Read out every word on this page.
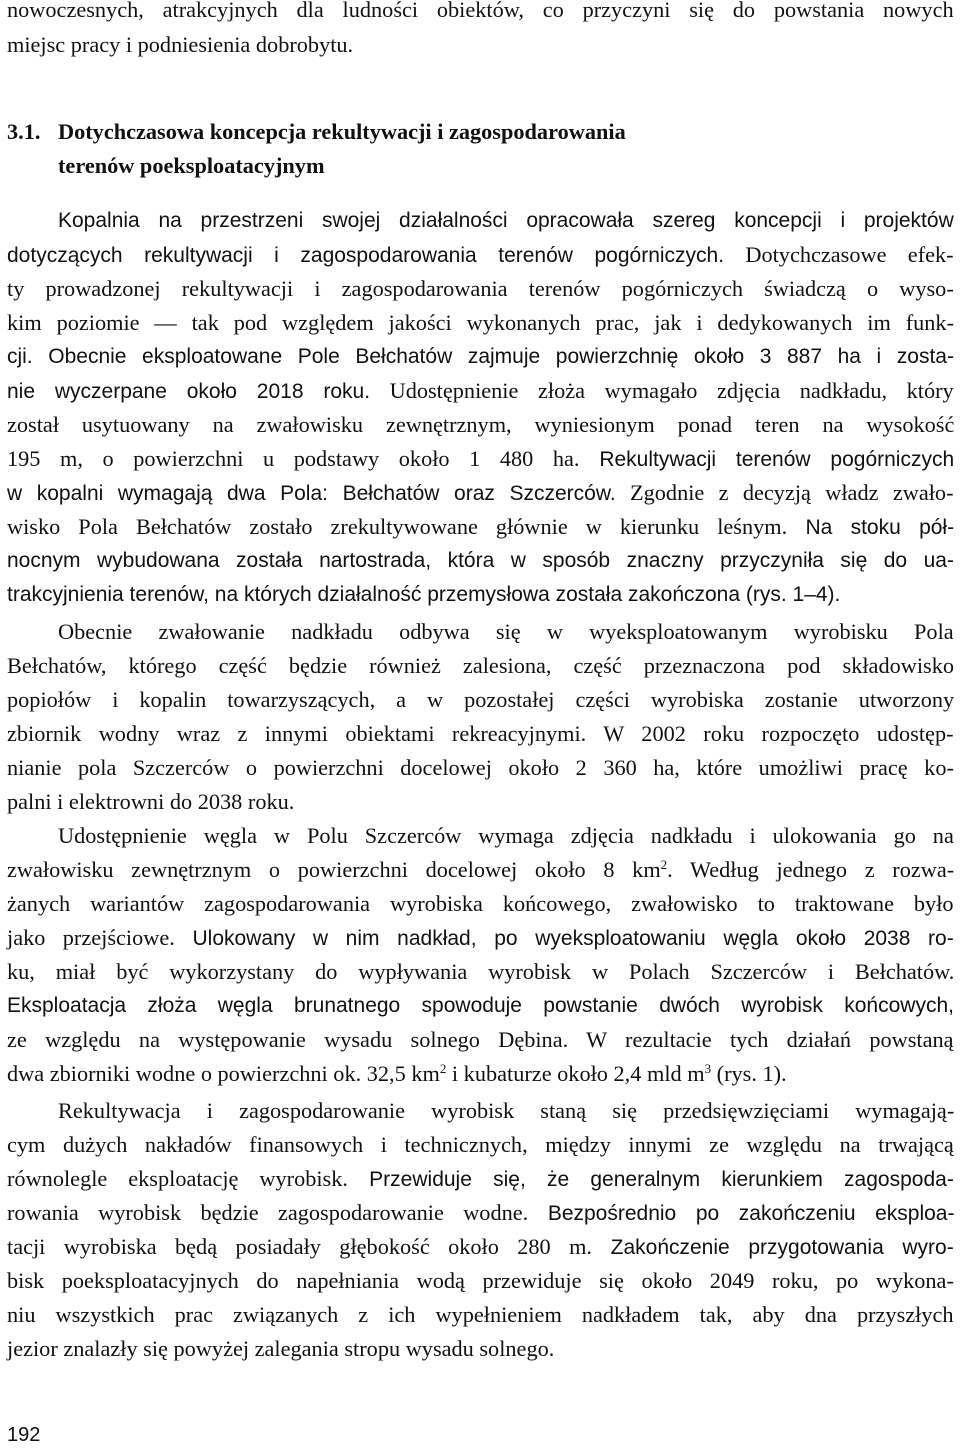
nowoczesnych, atrakcyjnych dla ludności obiektów, co przyczyni się do powstania nowych
miejsc pracy i podniesienia dobrobytu.
3.1. Dotychczasowa koncepcja rekultywacji i zagospodarowania
terenów poeksploatacyjnym
Kopalnia na przestrzeni swojej działalności opracowała szereg koncepcji i projektów
dotyczących rekultywacji i zagospodarowania terenów pogórniczych. Dotychczasowe efek-
ty prowadzonej rekultywacji i zagospodarowania terenów pogórniczych świadczą o wyso-
kim poziomie — tak pod względem jakości wykonanych prac, jak i dedykowanych im funk-
cji. Obecnie eksploatowane Pole Bełchatów zajmuje powierzchnię około 3 887 ha i zosta-
nie wyczerpane około 2018 roku. Udostępnienie złoża wymagało zdjęcia nadkładu, który
został usytuowany na zwałowisku zewnętrznym, wyniesionym ponad teren na wysokość
195 m, o powierzchni u podstawy około 1 480 ha. Rekultywacji terenów pogórniczych
w kopalni wymagają dwa Pola: Bełchatów oraz Szczerców. Zgodnie z decyzją władz zwało-
wisko Pola Bełchatów zostało zrekultywowane głównie w kierunku leśnym. Na stoku pół-
nocnym wybudowana została nartostrada, która w sposób znaczny przyczyniła się do ua-
trakcyjnienia terenów, na których działalność przemysłowa została zakończona (rys. 1–4).
Obecnie zwałowanie nadkładu odbywa się w wyeksploatowanym wyrobisku Pola
Bełchatów, którego część będzie również zalesiona, część przeznaczona pod składowisko
popiołów i kopalin towarzyszących, a w pozostałej części wyrobiska zostanie utworzony
zbiornik wodny wraz z innymi obiektami rekreacyjnymi. W 2002 roku rozpoczęto udostęp-
nianie pola Szczerców o powierzchni docelowej około 2 360 ha, które umożliwi pracę ko-
palni i elektrowni do 2038 roku.
Udostępnienie węgla w Polu Szczerców wymaga zdjęcia nadkładu i ulokowania go na
zwałowisku zewnętrznym o powierzchni docelowej około 8 $km^2$. Według jednego z rozwa-
żanych wariantów zagospodarowania wyrobiska końcowego, zwałowisko to traktowane było
jako przejściowe. Ulokowany w nim nadkład, po wyeksploatowaniu węgla około 2038 ro-
ku, miał być wykorzystany do wypływania wyrobisk w Polach Szczerców i Bełchatów.
Eksploatacja złoża węgla brunatnego spowoduje powstanie dwóch wyrobisk końcowych,
ze względu na występowanie wysadu solnego Dębina. W rezultacie tych działań powstaną
dwa zbiorniki wodne o powierzchni ok. 32,5 $km^2$ i kubaturze około 2,4 mld $m^3$ (rys. 1).
Rekultywacja i zagospodarowanie wyrobisk staną się przedsięwzięciami wymagają-
cym dużych nakładów finansowych i technicznych, między innymi ze względu na trwającą
równolegle eksploatację wyrobisk. Przewiduje się, że generalnym kierunkiem zagospoda-
rowania wyrobisk będzie zagospodarowanie wodne. Bezpośrednio po zakończeniu eksploa-
tacji wyrobiska będą posiadały głębokość około 280 m. Zakończenie przygotowania wyro-
bisk poeksploatacyjnych do napełniania wodą przewiduje się około 2049 roku, po wykona-
niu wszystkich prac związanych z ich wypełnieniem nadkładem tak, aby dna przyszłych
jezior znalazły się powyżej zalegania stropu wysadu solnego.
192
